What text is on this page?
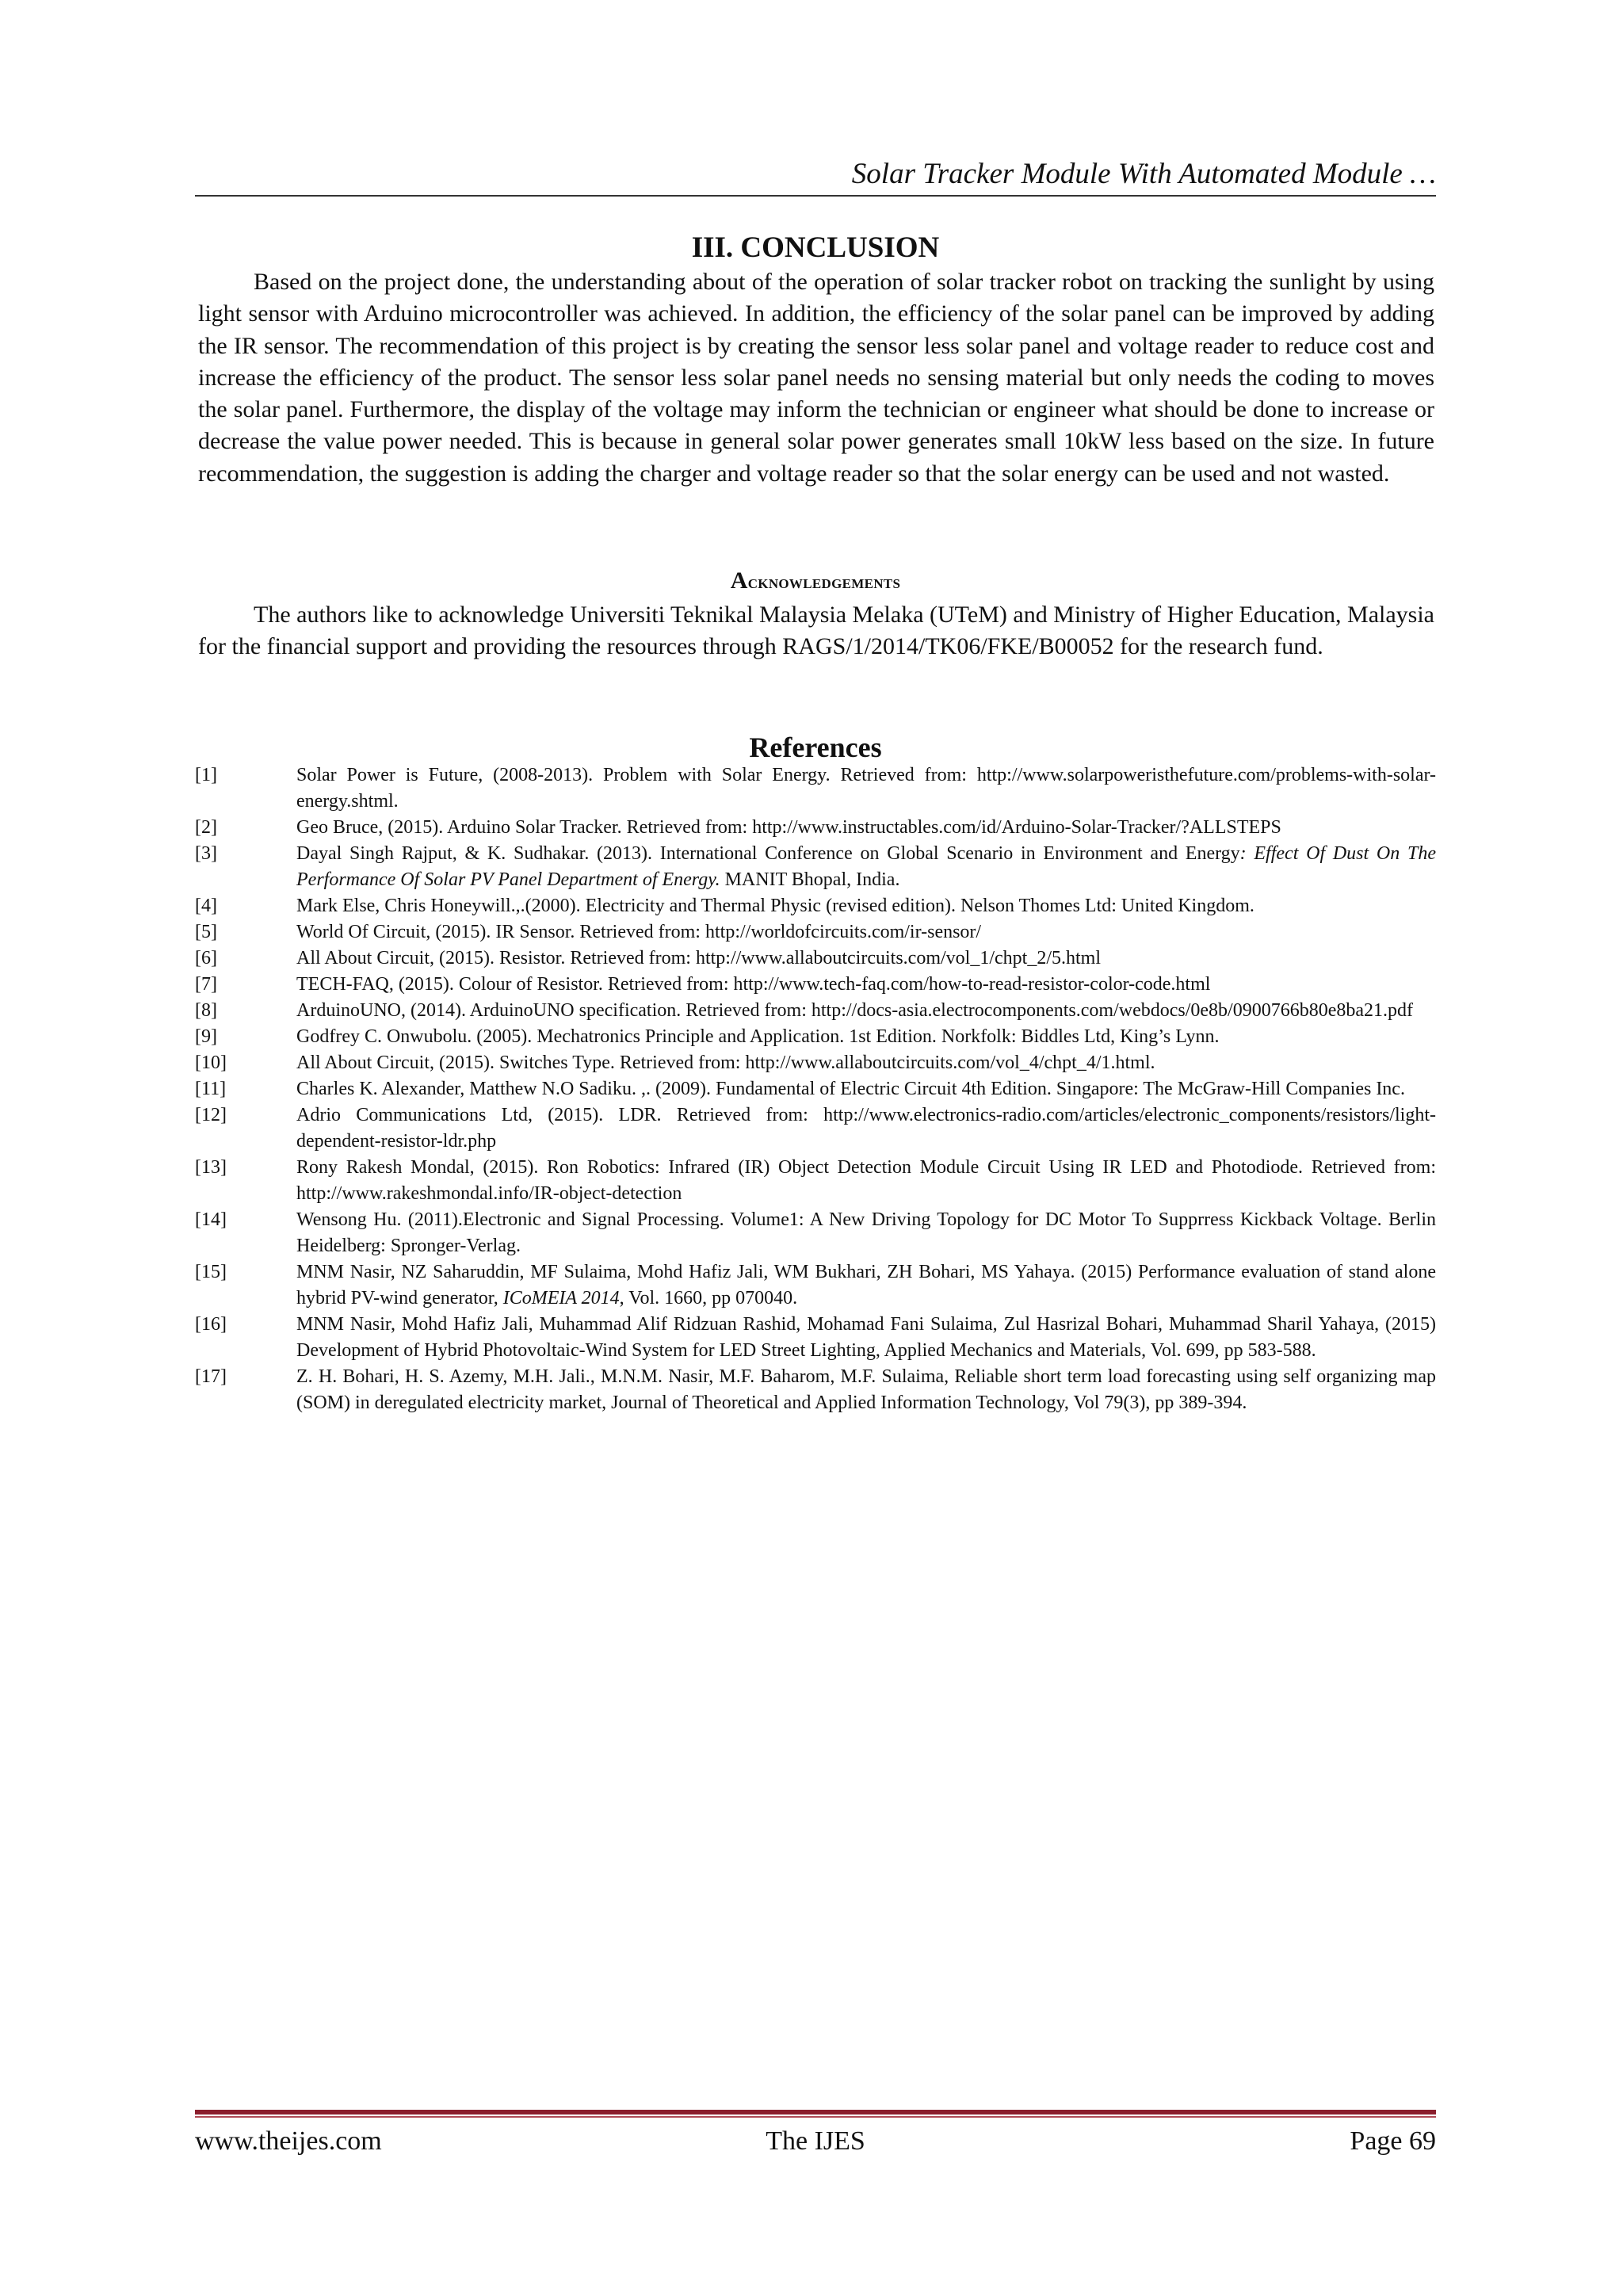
Solar Tracker Module With Automated Module …
III. CONCLUSION

Based on the project done, the understanding about of the operation of solar tracker robot on tracking the sunlight by using light sensor with Arduino microcontroller was achieved. In addition, the efficiency of the solar panel can be improved by adding the IR sensor. The recommendation of this project is by creating the sensor less solar panel and voltage reader to reduce cost and increase the efficiency of the product. The sensor less solar panel needs no sensing material but only needs the coding to moves the solar panel. Furthermore, the display of the voltage may inform the technician or engineer what should be done to increase or decrease the value power needed. This is because in general solar power generates small 10kW less based on the size. In future recommendation, the suggestion is adding the charger and voltage reader so that the solar energy can be used and not wasted.

Acknowledgements

The authors like to acknowledge Universiti Teknikal Malaysia Melaka (UTeM) and Ministry of Higher Education, Malaysia for the financial support and providing the resources through RAGS/1/2014/TK06/FKE/B00052 for the research fund.

References
[1]	Solar Power is Future, (2008-2013). Problem with Solar Energy. Retrieved from: http://www.solarpoweristhefuture.com/problems-with-solar-energy.shtml.
[2]	Geo Bruce, (2015). Arduino Solar Tracker. Retrieved from: http://www.instructables.com/id/Arduino-Solar-Tracker/?ALLSTEPS
[3]	Dayal Singh Rajput, & K. Sudhakar. (2013). International Conference on Global Scenario in Environment and Energy: Effect Of Dust On The Performance Of Solar PV Panel Department of Energy. MANIT Bhopal, India.
[4]	Mark Else, Chris Honeywill.,.(2000). Electricity and Thermal Physic (revised edition). Nelson Thomes Ltd: United Kingdom.
[5]	World Of Circuit, (2015). IR Sensor. Retrieved from: http://worldofcircuits.com/ir-sensor/
[6]	All About Circuit, (2015). Resistor. Retrieved from: http://www.allaboutcircuits.com/vol_1/chpt_2/5.html
[7]	TECH-FAQ, (2015). Colour of Resistor. Retrieved from: http://www.tech-faq.com/how-to-read-resistor-color-code.html
[8]	ArduinoUNO, (2014). ArduinoUNO specification. Retrieved from: http://docs-asia.electrocomponents.com/webdocs/0e8b/0900766b80e8ba21.pdf
[9]	Godfrey C. Onwubolu. (2005). Mechatronics Principle and Application. 1st Edition. Norkfolk: Biddles Ltd, King’s Lynn.
[10]	All About Circuit, (2015). Switches Type. Retrieved from: http://www.allaboutcircuits.com/vol_4/chpt_4/1.html.
[11]	Charles K. Alexander, Matthew N.O Sadiku. ,. (2009). Fundamental of Electric Circuit 4th Edition. Singapore: The McGraw-Hill Companies Inc.
[12]	Adrio Communications Ltd, (2015). LDR. Retrieved from: http://www.electronics-radio.com/articles/electronic_components/resistors/light-dependent-resistor-ldr.php
[13]	Rony Rakesh Mondal, (2015). Ron Robotics: Infrared (IR) Object Detection Module Circuit Using IR LED and Photodiode. Retrieved from: http://www.rakeshmondal.info/IR-object-detection
[14]	Wensong Hu. (2011).Electronic and Signal Processing. Volume1: A New Driving Topology for DC Motor To Supprress Kickback Voltage. Berlin Heidelberg: Spronger-Verlag.
[15]	MNM Nasir, NZ Saharuddin, MF Sulaima, Mohd Hafiz Jali, WM Bukhari, ZH Bohari, MS Yahaya. (2015) Performance evaluation of stand alone hybrid PV-wind generator, ICoMEIA 2014, Vol. 1660, pp 070040.
[16]	MNM Nasir, Mohd Hafiz Jali, Muhammad Alif Ridzuan Rashid, Mohamad Fani Sulaima, Zul Hasrizal Bohari, Muhammad Sharil Yahaya, (2015) Development of Hybrid Photovoltaic-Wind System for LED Street Lighting, Applied Mechanics and Materials, Vol. 699, pp 583-588.
[17]	Z. H. Bohari, H. S. Azemy, M.H. Jali., M.N.M. Nasir, M.F. Baharom, M.F. Sulaima, Reliable short term load forecasting using self organizing map (SOM) in deregulated electricity market, Journal of Theoretical and Applied Information Technology, Vol 79(3), pp 389-394.
www.theijes.com	The IJES	Page 69
